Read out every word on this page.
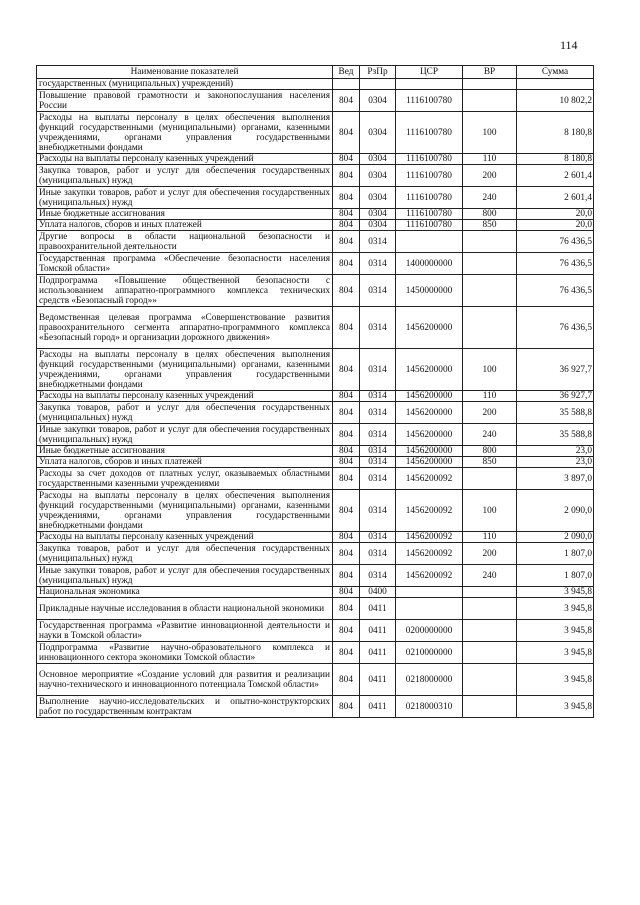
114
Наименование показателей	Вед	РзПр	ЦСР	ВР	Сумма
государственных (муниципальных) учреждений)					
Повышение правовой грамотности и законопослушания населения России	804	0304	1116100780		10 802,2
Расходы на выплаты персоналу в целях обеспечения выполнения функций государственными (муниципальными) органами, казенными учреждениями, органами управления государственными внебюджетными фондами	804	0304	1116100780	100	8 180,8
Расходы на выплаты персоналу казенных учреждений	804	0304	1116100780	110	8 180,8
Закупка товаров, работ и услуг для обеспечения государственных (муниципальных) нужд	804	0304	1116100780	200	2 601,4
Иные закупки товаров, работ и услуг для обеспечения государственных (муниципальных) нужд	804	0304	1116100780	240	2 601,4
Иные бюджетные ассигнования	804	0304	1116100780	800	20,0
Уплата налогов, сборов и иных платежей	804	0304	1116100780	850	20,0
Другие вопросы в области национальной безопасности и правоохранительной деятельности	804	0314			76 436,5
Государственная программа «Обеспечение безопасности населения Томской области»	804	0314	1400000000		76 436,5
Подпрограмма «Повышение общественной безопасности с использованием аппаратно-программного комплекса технических средств «Безопасный город»»	804	0314	1450000000		76 436,5
Ведомственная целевая программа «Совершенствование развития правоохранительного сегмента аппаратно-программного комплекса «Безопасный город» и организации дорожного движения»	804	0314	1456200000		76 436,5
Расходы на выплаты персоналу в целях обеспечения выполнения функций государственными (муниципальными) органами, казенными учреждениями, органами управления государственными внебюджетными фондами	804	0314	1456200000	100	36 927,7
Расходы на выплаты персоналу казенных учреждений	804	0314	1456200000	110	36 927,7
Закупка товаров, работ и услуг для обеспечения государственных (муниципальных) нужд	804	0314	1456200000	200	35 588,8
Иные закупки товаров, работ и услуг для обеспечения государственных (муниципальных) нужд	804	0314	1456200000	240	35 588,8
Иные бюджетные ассигнования	804	0314	1456200000	800	23,0
Уплата налогов, сборов и иных платежей	804	0314	1456200000	850	23,0
Расходы за счет доходов от платных услуг, оказываемых областными государственными казенными учреждениями	804	0314	1456200092		3 897,0
Расходы на выплаты персоналу в целях обеспечения выполнения функций государственными (муниципальными) органами, казенными учреждениями, органами управления государственными внебюджетными фондами	804	0314	1456200092	100	2 090,0
Расходы на выплаты персоналу казенных учреждений	804	0314	1456200092	110	2 090,0
Закупка товаров, работ и услуг для обеспечения государственных (муниципальных) нужд	804	0314	1456200092	200	1 807,0
Иные закупки товаров, работ и услуг для обеспечения государственных (муниципальных) нужд	804	0314	1456200092	240	1 807,0
Национальная экономика	804	0400			3 945,8
Прикладные научные исследования в области национальной экономики	804	0411			3 945,8
Государственная программа «Развитие инновационной деятельности и науки в Томской области»	804	0411	0200000000		3 945,8
Подпрограмма «Развитие научно-образовательного комплекса и инновационного сектора экономики Томской области»	804	0411	0210000000		3 945,8
Основное мероприятие «Создание условий для развития и реализации научно-технического и инновационного потенциала Томской области»	804	0411	0218000000		3 945,8
Выполнение научно-исследовательских и опытно-конструкторских работ по государственным контрактам	804	0411	0218000310		3 945,8
